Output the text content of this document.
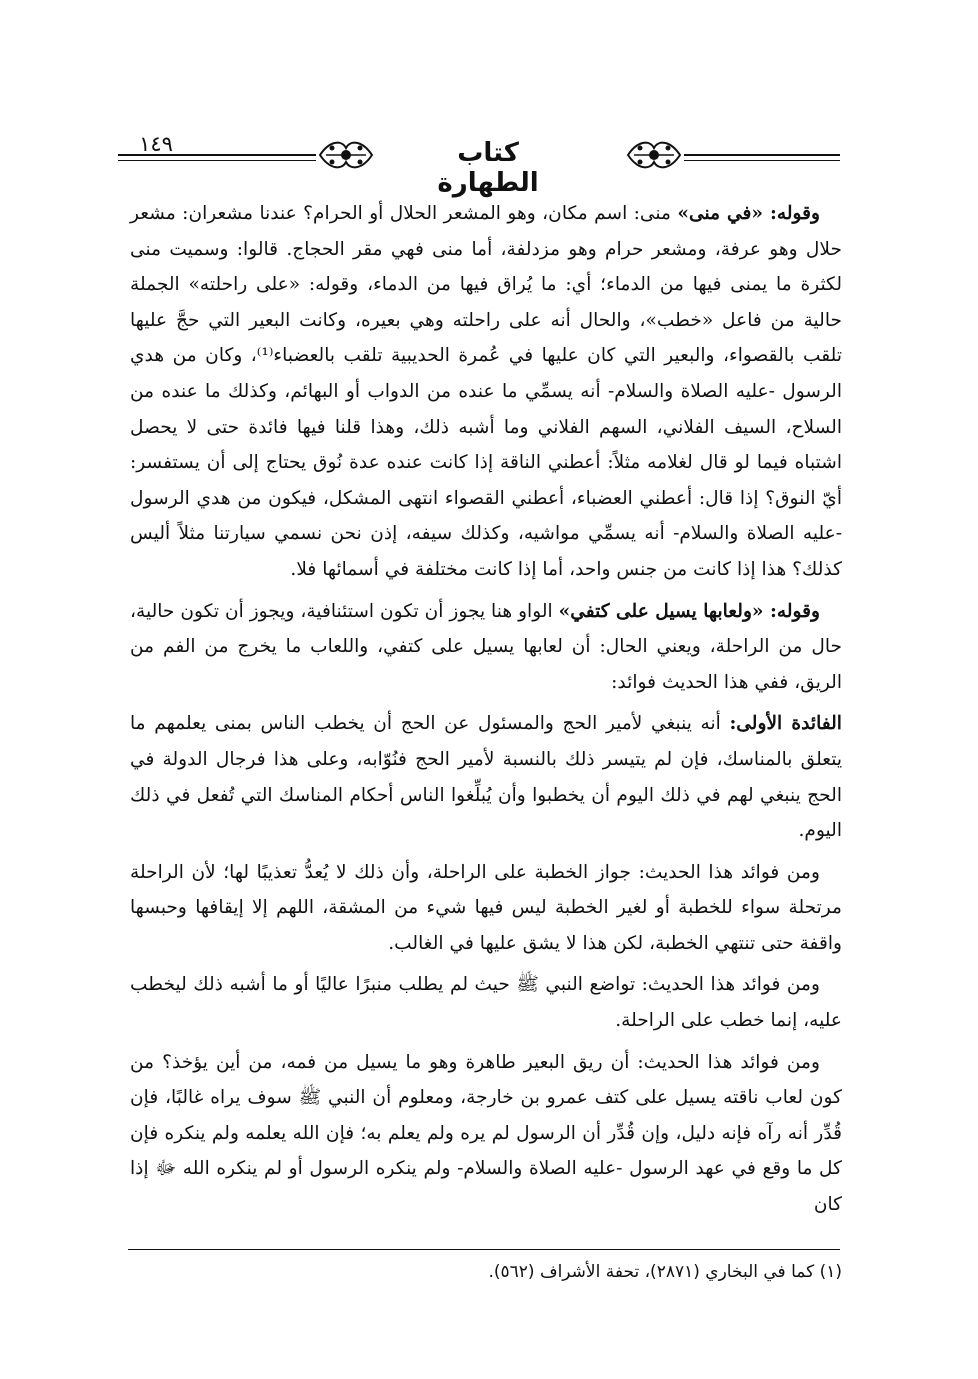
١٤٩	كتاب الطهارة

وقوله: «في منى» منى: اسم مكان، وهو المشعر الحلال أو الحرام؟ عندنا مشعران: مشعر حلال وهو عرفة، ومشعر حرام وهو مزدلفة، أما منى فهي مقر الحجاج. قالوا: وسميت منى لكثرة ما يمنى فيها من الدماء؛ أي: ما يُراق فيها من الدماء، وقوله: «على راحلته» الجملة حالية من فاعل «خطب»، والحال أنه على راحلته وهي بعيره، وكانت البعير التي حجَّ عليها تلقب بالقصواء، والبعير التي كان عليها في عُمرة الحديبية تلقب بالعضباء⁽¹⁾، وكان من هدي الرسول -عليه الصلاة والسلام- أنه يسمِّي ما عنده من الدواب أو البهائم، وكذلك ما عنده من السلاح، السيف الفلاني، السهم الفلاني وما أشبه ذلك، وهذا قلنا فيها فائدة حتى لا يحصل اشتباه فيما لو قال لغلامه مثلاً: أعطني الناقة إذا كانت عنده عدة نُوق يحتاج إلى أن يستفسر: أيّ النوق؟ إذا قال: أعطني العضباء، أعطني القصواء انتهى المشكل، فيكون من هدي الرسول -عليه الصلاة والسلام- أنه يسمِّي مواشيه، وكذلك سيفه، إذن نحن نسمي سيارتنا مثلاً أليس كذلك؟ هذا إذا كانت من جنس واحد، أما إذا كانت مختلفة في أسمائها فلا.

وقوله: «ولعابها يسيل على كتفي» الواو هنا يجوز أن تكون استئنافية، ويجوز أن تكون حالية، حال من الراحلة، ويعني الحال: أن لعابها يسيل على كتفي، واللعاب ما يخرج من الفم من الريق، ففي هذا الحديث فوائد:

الفائدة الأولى: أنه ينبغي لأمير الحج والمسئول عن الحج أن يخطب الناس بمنى يعلمهم ما يتعلق بالمناسك، فإن لم يتيسر ذلك بالنسبة لأمير الحج فنُوّابه، وعلى هذا فرجال الدولة في الحج ينبغي لهم في ذلك اليوم أن يخطبوا وأن يُبلِّغوا الناس أحكام المناسك التي تُفعل في ذلك اليوم.

ومن فوائد هذا الحديث: جواز الخطبة على الراحلة، وأن ذلك لا يُعدُّ تعذيبًا لها؛ لأن الراحلة مرتحلة سواء للخطبة أو لغير الخطبة ليس فيها شيء من المشقة، اللهم إلا إيقافها وحبسها واقفة حتى تنتهي الخطبة، لكن هذا لا يشق عليها في الغالب.

ومن فوائد هذا الحديث: تواضع النبي ﷺ حيث لم يطلب منبرًا عاليًا أو ما أشبه ذلك ليخطب عليه، إنما خطب على الراحلة.

ومن فوائد هذا الحديث: أن ريق البعير طاهرة وهو ما يسيل من فمه، من أين يؤخذ؟ من كون لعاب ناقته يسيل على كتف عمرو بن خارجة، ومعلوم أن النبي ﷺ سوف يراه غالبًا، فإن قُدِّر أنه رآه فإنه دليل، وإن قُدِّر أن الرسول لم يره ولم يعلم به؛ فإن الله يعلمه ولم ينكره فإن كل ما وقع في عهد الرسول -عليه الصلاة والسلام- ولم ينكره الرسول أو لم ينكره الله ﷻ إذا كان

(١) كما في البخاري (٢٨٧١)، تحفة الأشراف (٥٦٢).
